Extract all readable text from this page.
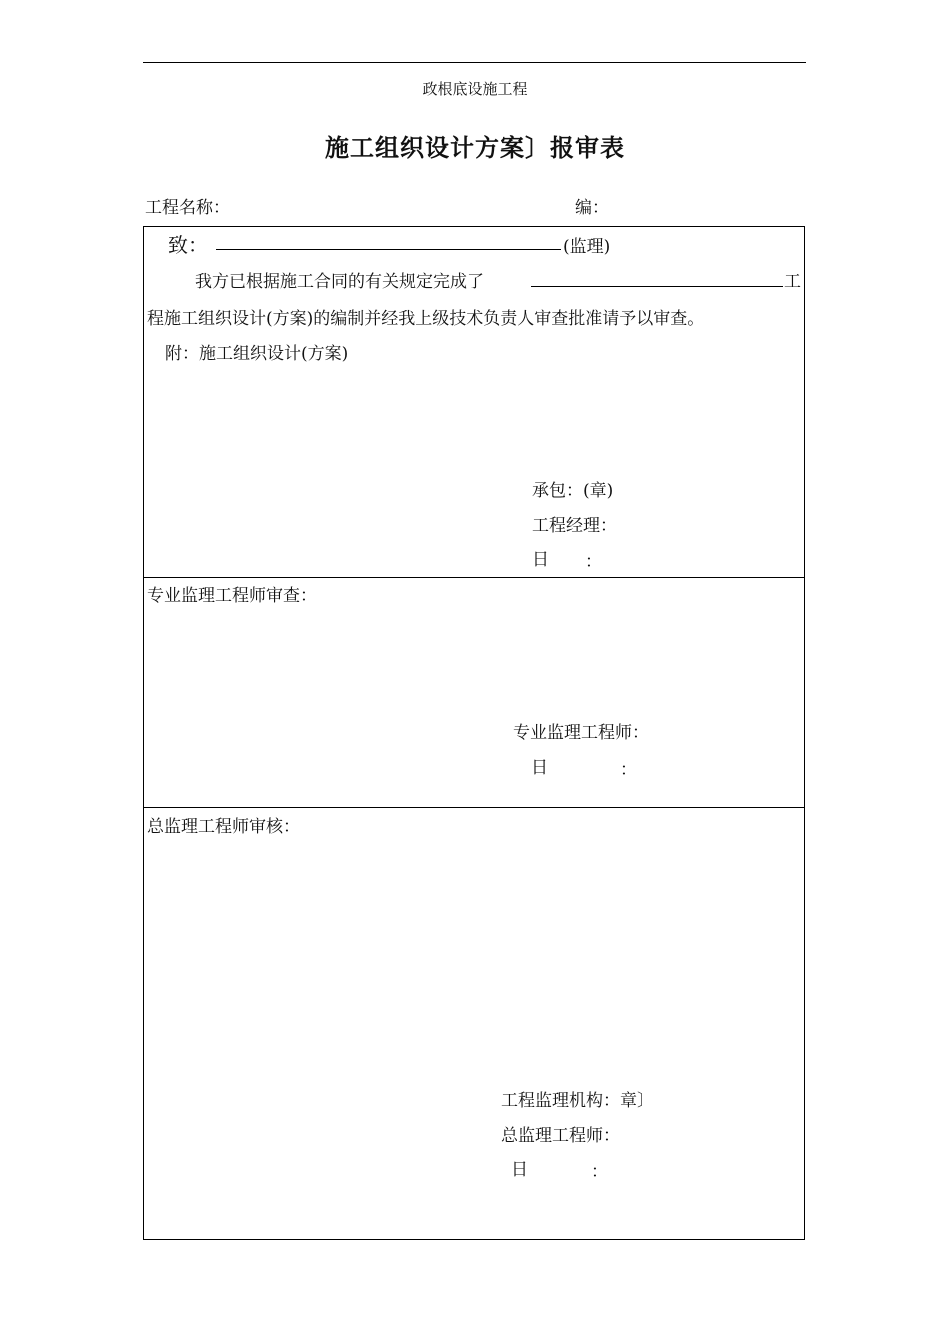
政根底设施工程
施工组织设计方案〕报审表
工程名称：	编：
致：	(监理)
我方已根据施工合同的有关规定完成了	工
程施工组织设计(方案)的编制并经我上级技术负责人审查批准请予以审查。
附：施工组织设计(方案)
承包：(章)
工程经理：
日 ：
专业监理工程师审查：
专业监理工程师：
日	：
总监理工程师审核：
工程监理机构：章〕
总监理工程师：
日	：
